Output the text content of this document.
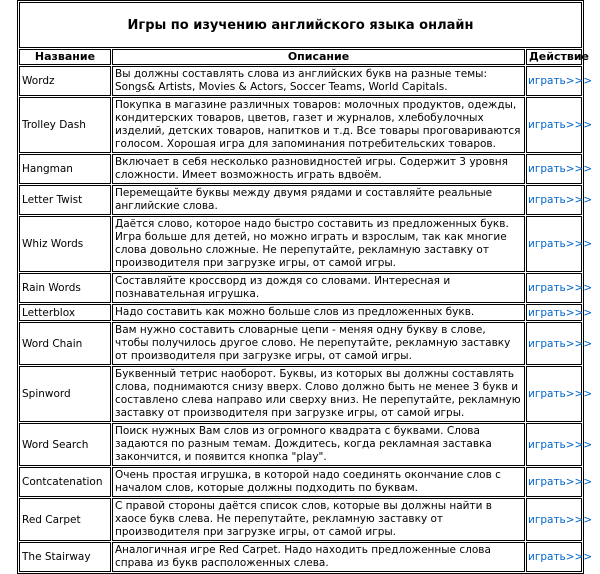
Игры по изучению английского языка онлайн		
Название	Описание	Действие
Wordz	Вы должны составлять слова из английских букв на разные темы: Songs& Artists, Movies & Actors, Soccer Teams, World Capitals.	играть>>>
Trolley Dash	Покупка в магазине различных товаров: молочных продуктов, одежды, кондитерских товаров, цветов, газет и журналов, хлебобулочных изделий, детских товаров, напитков и т.д. Все товары проговариваются голосом. Хорошая игра для запоминания потребительских товаров.	играть>>>
Hangman	Включает в себя несколько разновидностей игры. Содержит 3 уровня сложности. Имеет возможность играть вдвоём.	играть>>>
Letter Twist	Перемещайте буквы между двумя рядами и составляйте реальные английские слова.	играть>>>
Whiz Words	Даётся слово, которое надо быстро составить из предложенных букв. Игра больше для детей, но можно играть и взрослым, так как многие слова довольно сложные. Не перепутайте, рекламную заставку от производителя при загрузке игры, от самой игры.	играть>>>
Rain Words	Составляйте кроссворд из дождя со словами. Интересная и познавательная игрушка.	играть>>>
Letterblox	Надо составить как можно больше слов из предложенных букв.	играть>>>
Word Chain	Вам нужно составить словарные цепи - меняя одну букву в слове, чтобы получилось другое слово. Не перепутайте, рекламную заставку от производителя при загрузке игры, от самой игры.	играть>>>
Spinword	Буквенный тетрис наоборот. Буквы, из которых вы должны составлять слова, поднимаются снизу вверх. Слово должно быть не менее 3 букв и составлено слева направо или сверху вниз. Не перепутайте, рекламную заставку от производителя при загрузке игры, от самой игры.	играть>>>
Word Search	Поиск нужных Вам слов из огромного квадрата с буквами. Слова задаются по разным темам. Дождитесь, когда рекламная заставка закончится, и появится кнопка "play".	играть>>>
Contcatenation	Очень простая игрушка, в которой надо соединять окончание слов с началом слов, которые должны подходить по буквам.	играть>>>
Red Carpet	С правой стороны даётся список слов, которые вы должны найти в хаосе букв слева. Не перепутайте, рекламную заставку от производителя при загрузке игры, от самой игры.	играть>>>
The Stairway	Аналогичная игре Red Carpet. Надо находить предложенные слова справа из букв расположенных слева.	играть>>>
